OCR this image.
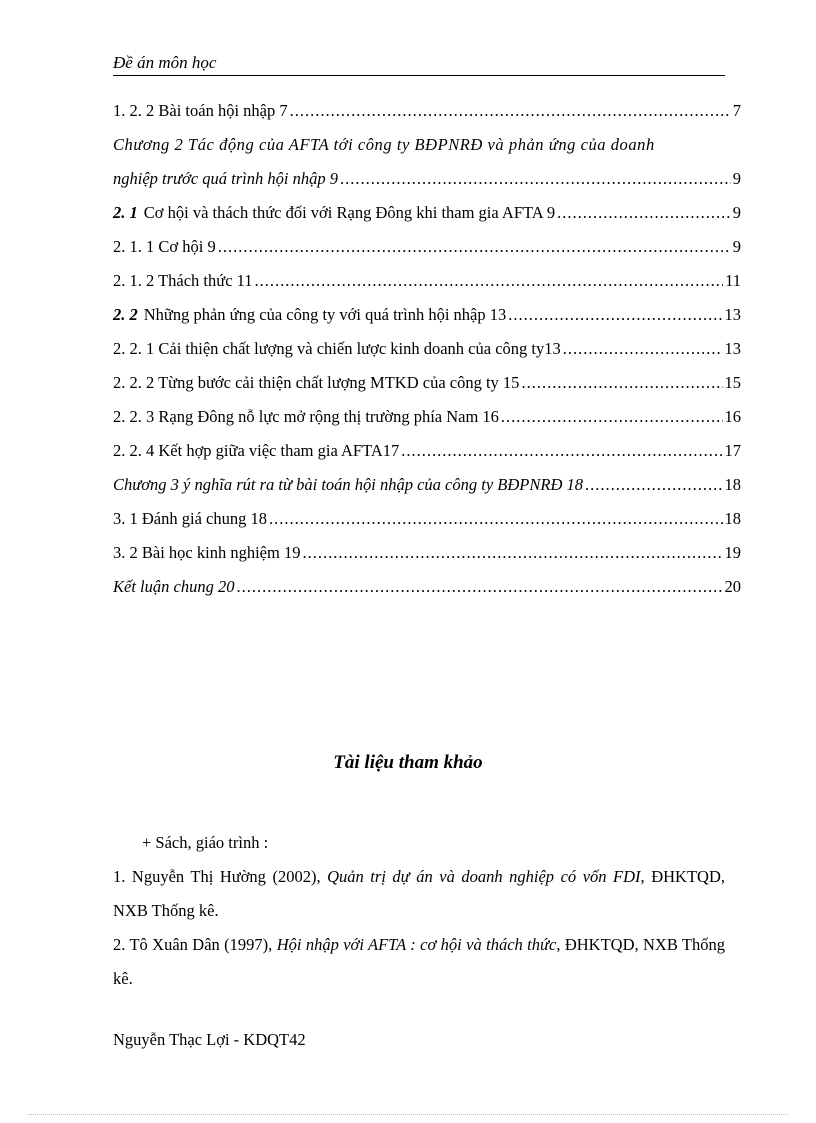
Đề án môn học
1. 2. 2 Bài toán hội nhập 7 .....	7
Chương 2 Tác động của AFTA tới công ty BĐPNRĐ và phản ứng của doanh
nghiệp trước quá trình hội nhập 9 .....	9
2. 1 Cơ hội và thách thức đối với Rạng Đông khi tham gia AFTA 9 .....	9
2. 1. 1 Cơ hội 9 .....	9
2. 1. 2 Thách thức 11 .....	11
2. 2 Những phản ứng của công ty với quá trình hội nhập 13 .....	13
2. 2. 1 Cải thiện chất lượng và chiến lược kinh doanh của công ty13 .....	13
2. 2. 2 Từng bước cải thiện chất lượng MTKD của công ty 15 .....	15
2. 2. 3 Rạng Đông nỗ lực mở rộng thị trường phía Nam 16 .....	16
2. 2. 4 Kết hợp giữa việc tham gia AFTA17 .....	17
Chương 3 ý nghĩa rút ra từ bài toán hội nhập của công ty BĐPNRĐ 18 .....	18
3. 1 Đánh giá chung 18 .....	18
3. 2 Bài học kinh nghiệm 19 .....	19
Kết luận chung 20 .....	20
Tài liệu tham khảo

+ Sách, giáo trình :

1. Nguyễn Thị Hường (2002), Quản trị dự án và doanh nghiệp có vốn FDI, ĐHKTQD, NXB Thống kê.

2. Tô Xuân Dân (1997), Hội nhập với AFTA : cơ hội và thách thức, ĐHKTQD, NXB Thống kê.

Nguyễn Thạc Lợi - KDQT42
